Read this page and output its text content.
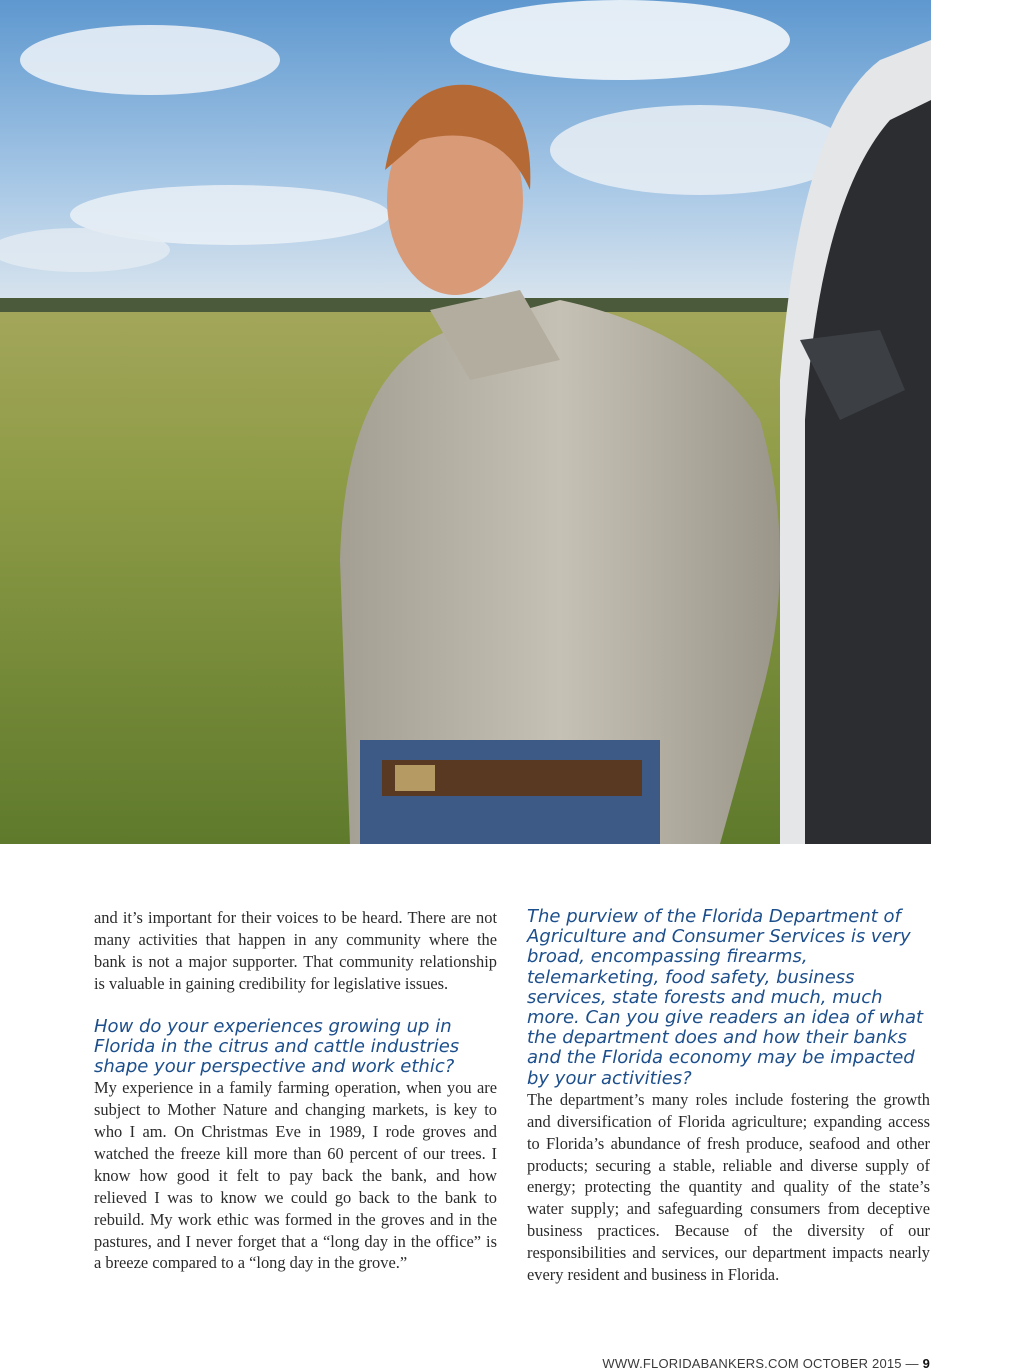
and it’s important for their voices to be heard. There are not many activities that happen in any community where the bank is not a major supporter. That community relationship is valuable in gaining credibility for legislative issues.

How do your experiences growing up in Florida in the citrus and cattle industries shape your perspective and work ethic?

My experience in a family farming operation, when you are subject to Mother Nature and changing markets, is key to who I am. On Christmas Eve in 1989, I rode groves and watched the freeze kill more than 60 percent of our trees. I know how good it felt to pay back the bank, and how relieved I was to know we could go back to the bank to rebuild. My work ethic was formed in the groves and in the pastures, and I never forget that a “long day in the office” is a breeze compared to a “long day in the grove.”

The purview of the Florida Department of Agriculture and Consumer Services is very broad, encompassing firearms, telemarketing, food safety, business services, state forests and much, much more. Can you give readers an idea of what the department does and how their banks and the Florida economy may be impacted by your activities?

The department’s many roles include fostering the growth and diversification of Florida agriculture; expanding access to Florida’s abundance of fresh produce, seafood and other products; securing a stable, reliable and diverse supply of energy; protecting the quantity and quality of the state’s water supply; and safeguarding consumers from deceptive business practices. Because of the diversity of our responsibilities and services, our department impacts nearly every resident and business in Florida.

WWW.FLORIDABANKERS.COM OCTOBER 2015 — 9
